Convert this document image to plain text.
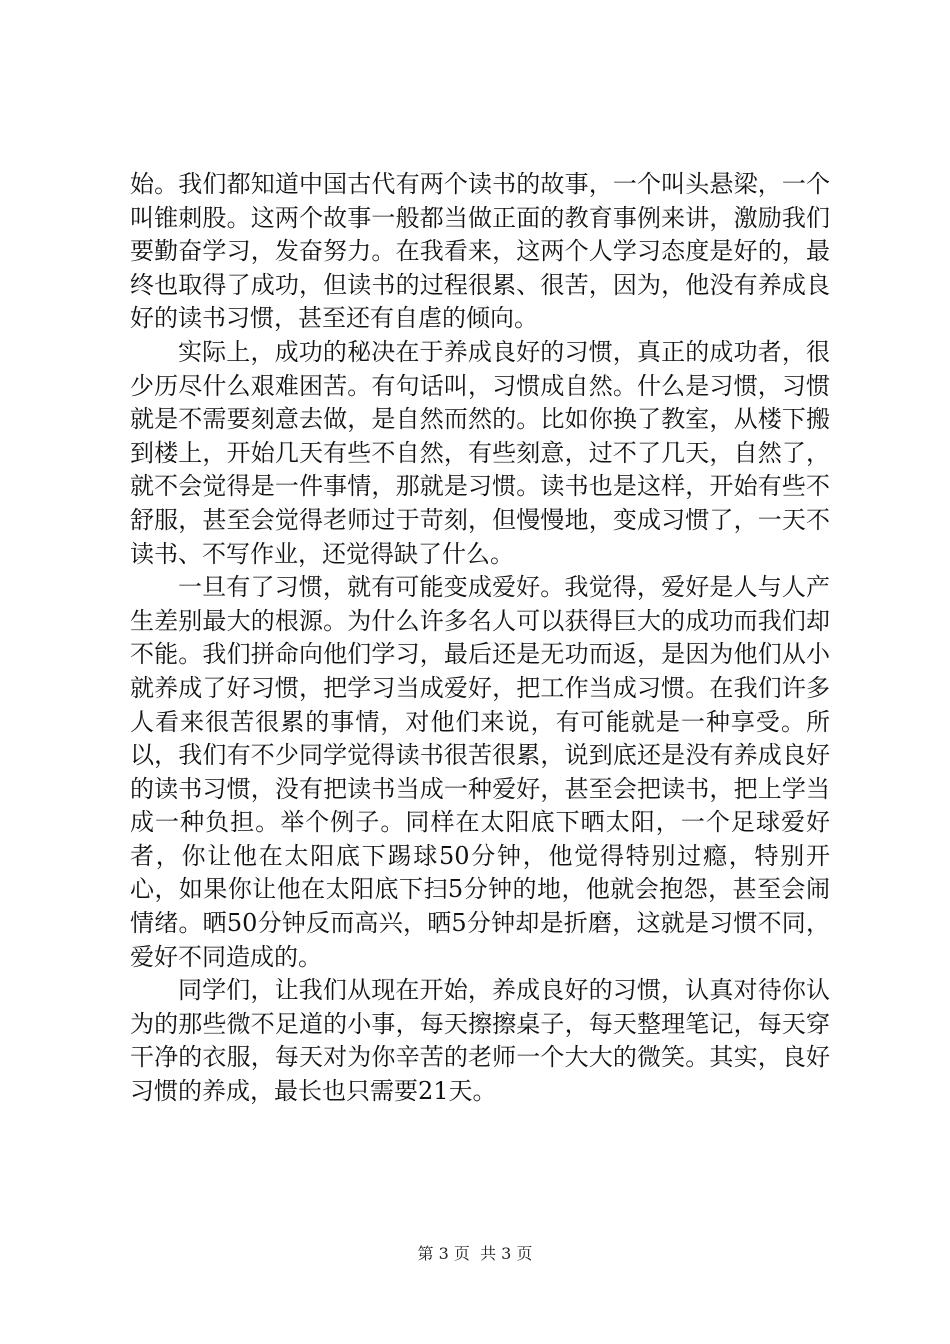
始。我们都知道中国古代有两个读书的故事，一个叫头悬梁，一个叫锥刺股。这两个故事一般都当做正面的教育事例来讲，激励我们要勤奋学习，发奋努力。在我看来，这两个人学习态度是好的，最终也取得了成功，但读书的过程很累、很苦，因为，他没有养成良好的读书习惯，甚至还有自虐的倾向。

实际上，成功的秘决在于养成良好的习惯，真正的成功者，很少历尽什么艰难困苦。有句话叫，习惯成自然。什么是习惯，习惯就是不需要刻意去做，是自然而然的。比如你换了教室，从楼下搬到楼上，开始几天有些不自然，有些刻意，过不了几天，自然了，就不会觉得是一件事情，那就是习惯。读书也是这样，开始有些不舒服，甚至会觉得老师过于苛刻，但慢慢地，变成习惯了，一天不读书、不写作业，还觉得缺了什么。

一旦有了习惯，就有可能变成爱好。我觉得，爱好是人与人产生差别最大的根源。为什么许多名人可以获得巨大的成功而我们却不能。我们拼命向他们学习，最后还是无功而返，是因为他们从小就养成了好习惯，把学习当成爱好，把工作当成习惯。在我们许多人看来很苦很累的事情，对他们来说，有可能就是一种享受。所以，我们有不少同学觉得读书很苦很累，说到底还是没有养成良好的读书习惯，没有把读书当成一种爱好，甚至会把读书，把上学当成一种负担。举个例子。同样在太阳底下晒太阳，一个足球爱好者，你让他在太阳底下踢球50分钟，他觉得特别过瘾，特别开心，如果你让他在太阳底下扫5分钟的地，他就会抱怨，甚至会闹情绪。晒50分钟反而高兴，晒5分钟却是折磨，这就是习惯不同，爱好不同造成的。

同学们，让我们从现在开始，养成良好的习惯，认真对待你认为的那些微不足道的小事，每天擦擦桌子，每天整理笔记，每天穿干净的衣服，每天对为你辛苦的老师一个大大的微笑。其实，良好习惯的养成，最长也只需要21天。

第 3 页  共 3 页
